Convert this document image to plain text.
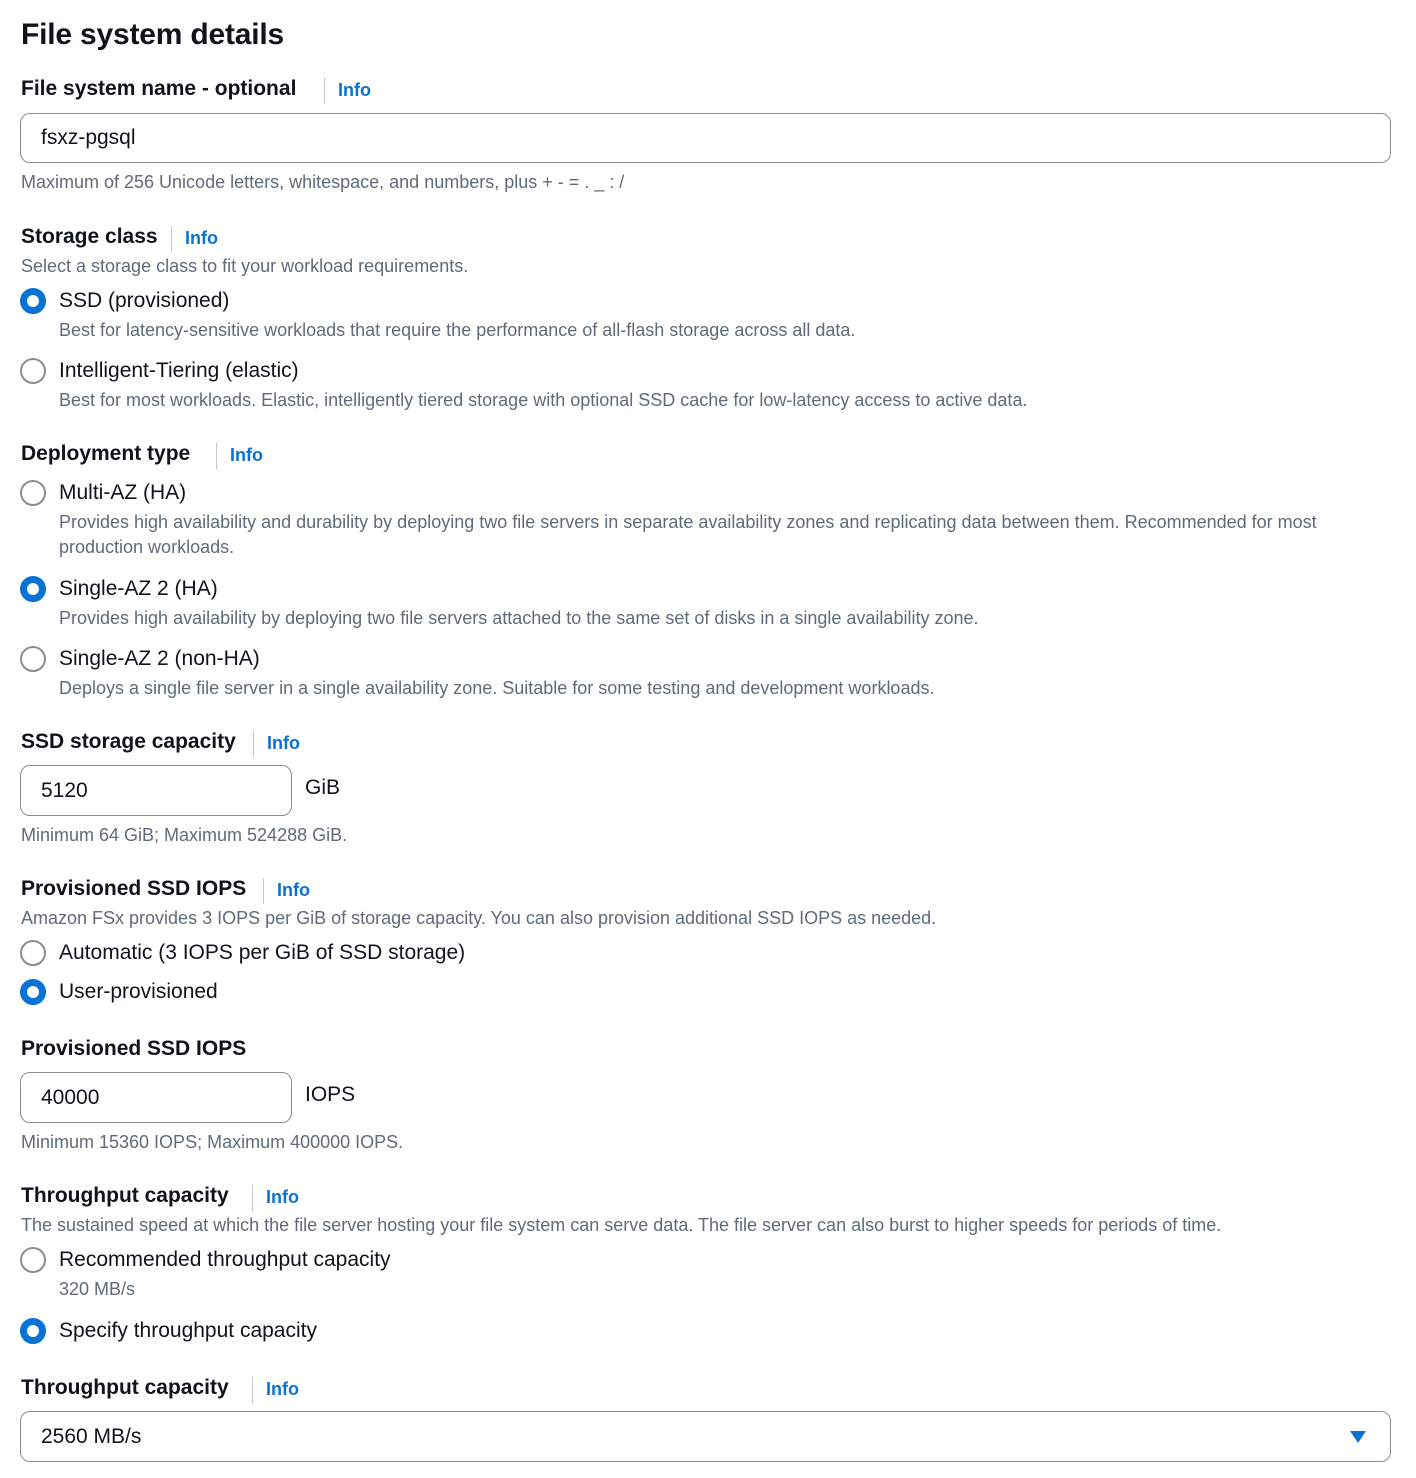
File system details
File system name - optional Info
fsxz-pgsql
Maximum of 256 Unicode letters, whitespace, and numbers, plus + - = . _ : /
Storage class Info
Select a storage class to fit your workload requirements.
SSD (provisioned)
Best for latency-sensitive workloads that require the performance of all-flash storage across all data.
Intelligent-Tiering (elastic)
Best for most workloads. Elastic, intelligently tiered storage with optional SSD cache for low-latency access to active data.
Deployment type Info
Multi-AZ (HA)
Provides high availability and durability by deploying two file servers in separate availability zones and replicating data between them. Recommended for most production workloads.
Single-AZ 2 (HA)
Provides high availability by deploying two file servers attached to the same set of disks in a single availability zone.
Single-AZ 2 (non-HA)
Deploys a single file server in a single availability zone. Suitable for some testing and development workloads.
SSD storage capacity Info
5120	GiB
Minimum 64 GiB; Maximum 524288 GiB.
Provisioned SSD IOPS Info
Amazon FSx provides 3 IOPS per GiB of storage capacity. You can also provision additional SSD IOPS as needed.
Automatic (3 IOPS per GiB of SSD storage)
User-provisioned
Provisioned SSD IOPS
40000	IOPS
Minimum 15360 IOPS; Maximum 400000 IOPS.
Throughput capacity Info
The sustained speed at which the file server hosting your file system can serve data. The file server can also burst to higher speeds for periods of time.
Recommended throughput capacity
320 MB/s
Specify throughput capacity
Throughput capacity Info
2560 MB/s
